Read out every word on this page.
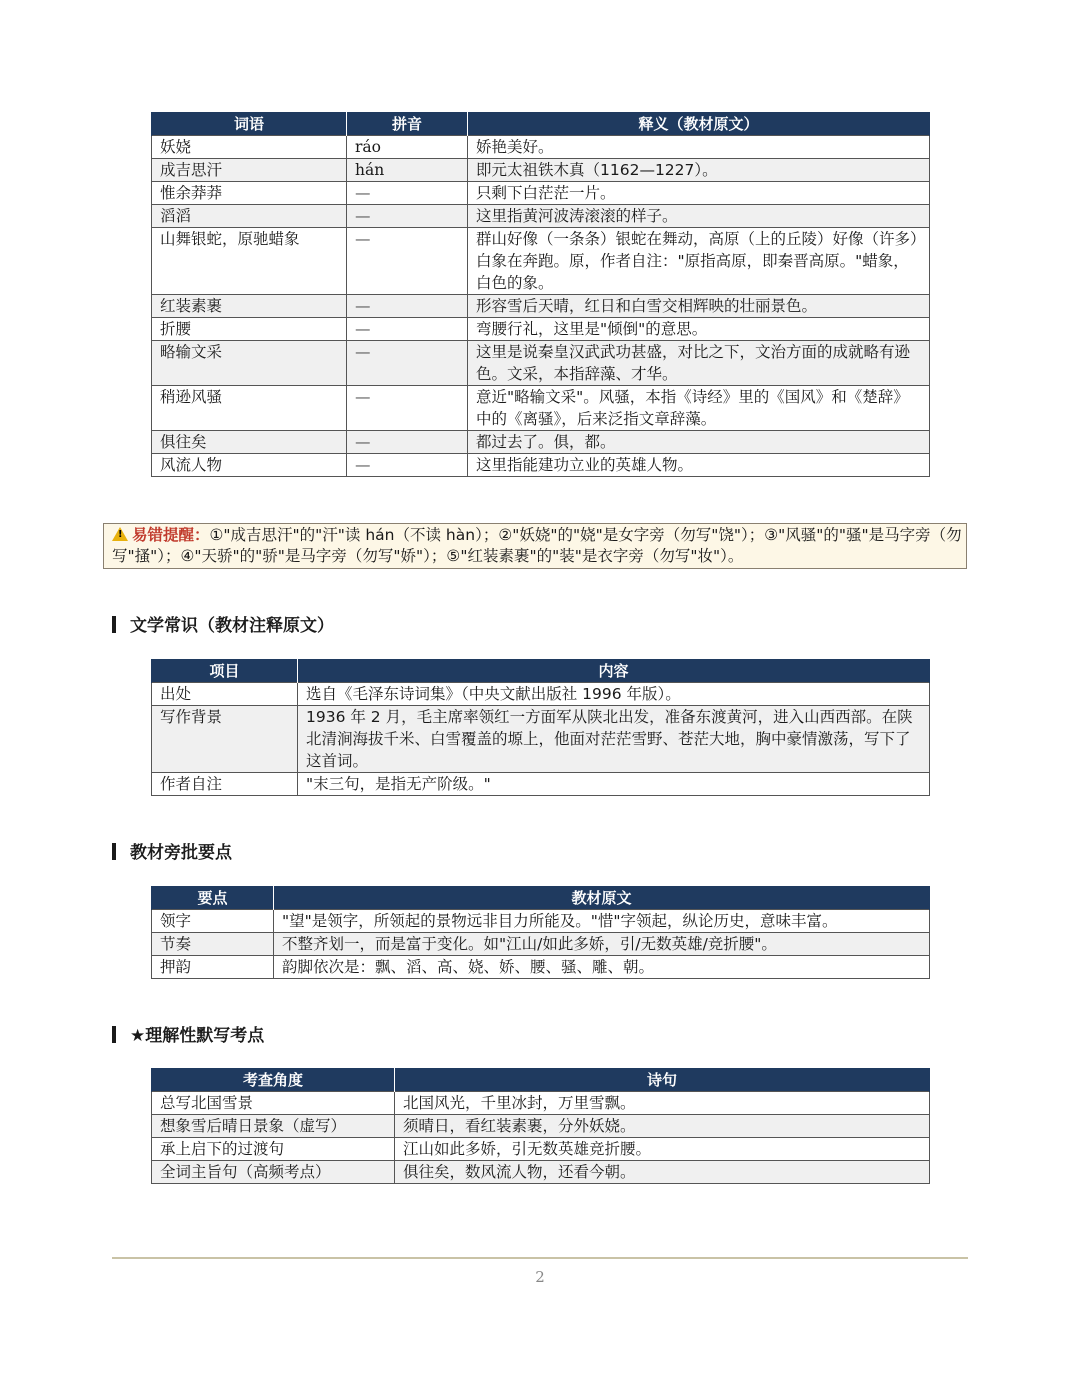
词语	拼音	释义（教材原文）
妖娆	ráo	娇艳美好。
成吉思汗	hán	即元太祖铁木真（1162—1227）。
惟余莽莽	—	只剩下白茫茫一片。
滔滔	—	这里指黄河波涛滚滚的样子。
山舞银蛇，原驰蜡象	—	群山好像（一条条）银蛇在舞动，高原（上的丘陵）好像（许多）白象在奔跑。原，作者自注："原指高原，即秦晋高原。"蜡象，白色的象。
红装素裹	—	形容雪后天晴，红日和白雪交相辉映的壮丽景色。
折腰	—	弯腰行礼，这里是"倾倒"的意思。
略输文采	—	这里是说秦皇汉武武功甚盛，对比之下，文治方面的成就略有逊色。文采，本指辞藻、才华。
稍逊风骚	—	意近"略输文采"。风骚，本指《诗经》里的《国风》和《楚辞》中的《离骚》，后来泛指文章辞藻。
俱往矣	—	都过去了。俱，都。
风流人物	—	这里指能建功立业的英雄人物。
!易错提醒：①"成吉思汗"的"汗"读 hán（不读 hàn）；②"妖娆"的"娆"是女字旁（勿写"饶"）；③"风骚"的"骚"是马字旁（勿写"搔"）；④"天骄"的"骄"是马字旁（勿写"娇"）；⑤"红装素裹"的"装"是衣字旁（勿写"妆"）。
文学常识（教材注释原文）
项目	内容
出处	选自《毛泽东诗词集》（中央文献出版社 1996 年版）。
写作背景	1936 年 2 月，毛主席率领红一方面军从陕北出发，准备东渡黄河，进入山西西部。在陕北清涧海拔千米、白雪覆盖的塬上，他面对茫茫雪野、苍茫大地，胸中豪情激荡，写下了这首词。
作者自注	"末三句，是指无产阶级。"
教材旁批要点
要点	教材原文
领字	"望"是领字，所领起的景物远非目力所能及。"惜"字领起，纵论历史，意味丰富。
节奏	不整齐划一，而是富于变化。如"江山/如此多娇，引/无数英雄/竞折腰"。
押韵	韵脚依次是：飘、滔、高、娆、娇、腰、骚、雕、朝。
★理解性默写考点
考查角度	诗句
总写北国雪景	北国风光，千里冰封，万里雪飘。
想象雪后晴日景象（虚写）	须晴日，看红装素裹，分外妖娆。
承上启下的过渡句	江山如此多娇，引无数英雄竞折腰。
全词主旨句（高频考点）	俱往矣，数风流人物，还看今朝。
2
